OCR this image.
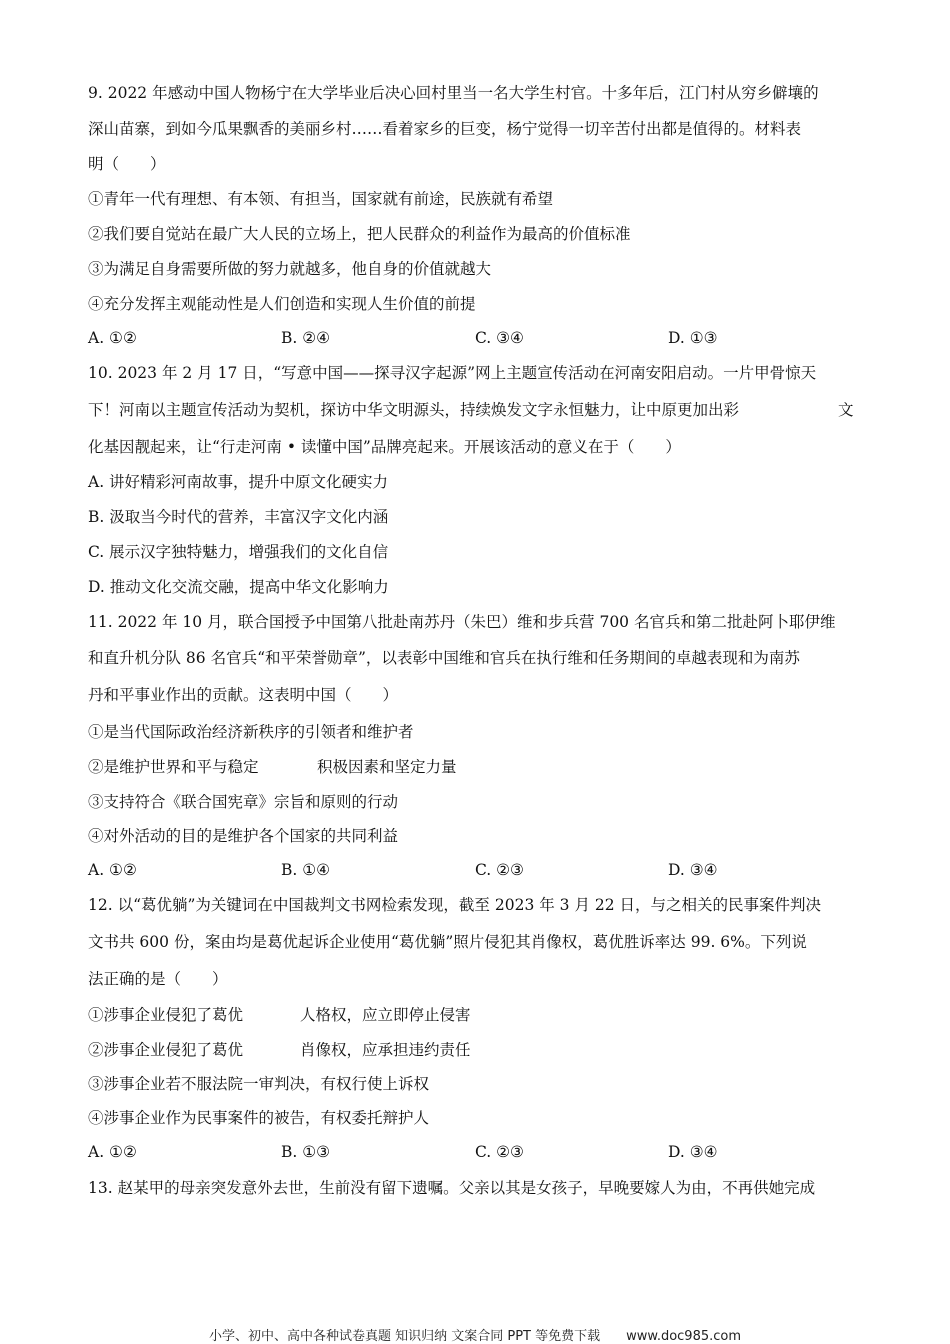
9. 2022 年感动中国人物杨宁在大学毕业后决心回村里当一名大学生村官。十多年后，江门村从穷乡僻壤的
深山苗寨，到如今瓜果飘香的美丽乡村……看着家乡的巨变，杨宁觉得一切辛苦付出都是值得的。材料表
明（　　）
①青年一代有理想、有本领、有担当，国家就有前途，民族就有希望
②我们要自觉站在最广大人民的立场上，把人民群众的利益作为最高的价值标准
③为满足自身需要所做的努力就越多，他自身的价值就越大
④充分发挥主观能动性是人们创造和实现人生价值的前提
A. ①②	B. ②④	C. ③④	D. ①③
10. 2023 年 2 月 17 日，“写意中国——探寻汉字起源”网上主题宣传活动在河南安阳启动。一片甲骨惊天
下！河南以主题宣传活动为契机，探访中华文明源头，持续焕发文字永恒魅力，让中原更加出彩	文
化基因靓起来，让“行走河南 • 读懂中国”品牌亮起来。开展该活动的意义在于（　　）
A. 讲好精彩河南故事，提升中原文化硬实力
B. 汲取当今时代的营养，丰富汉字文化内涵
C. 展示汉字独特魅力，增强我们的文化自信
D. 推动文化交流交融，提高中华文化影响力
11. 2022 年 10 月，联合国授予中国第八批赴南苏丹（朱巴）维和步兵营 700 名官兵和第二批赴阿卜耶伊维
和直升机分队 86 名官兵“和平荣誉勋章”，以表彰中国维和官兵在执行维和任务期间的卓越表现和为南苏
丹和平事业作出的贡献。这表明中国（　　）
①是当代国际政治经济新秩序的引领者和维护者
②是维护世界和平与稳定	积极因素和坚定力量
③支持符合《联合国宪章》宗旨和原则的行动
④对外活动的目的是维护各个国家的共同利益
A. ①②	B. ①④	C. ②③	D. ③④
12. 以“葛优躺”为关键词在中国裁判文书网检索发现，截至 2023 年 3 月 22 日，与之相关的民事案件判决
文书共 600 份，案由均是葛优起诉企业使用“葛优躺”照片侵犯其肖像权，葛优胜诉率达 99. 6%。下列说
法正确的是（　　）
①涉事企业侵犯了葛优	人格权，应立即停止侵害
②涉事企业侵犯了葛优	肖像权，应承担违约责任
③涉事企业若不服法院一审判决，有权行使上诉权
④涉事企业作为民事案件的被告，有权委托辩护人
A. ①②	B. ①③	C. ②③	D. ③④
13. 赵某甲的母亲突发意外去世，生前没有留下遗嘱。父亲以其是女孩子，早晚要嫁人为由，不再供她完成
小学、初中、高中各种试卷真题 知识归纳 文案合同 PPT 等免费下载　　www.doc985.com
